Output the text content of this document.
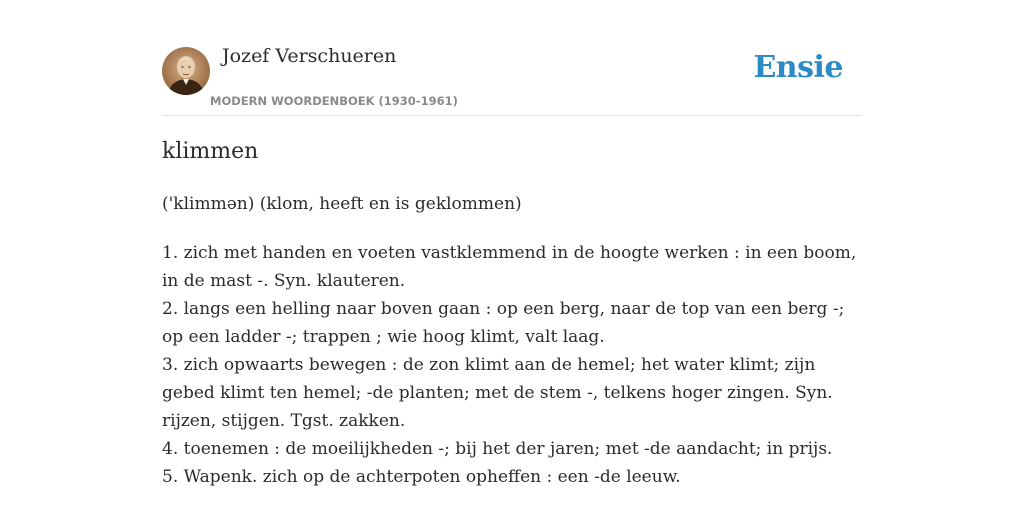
Jozef Verschueren
MODERN WOORDENBOEK (1930-1961)
Ensie
klimmen
('klimmən) (klom, heeft en is geklommen)

1. zich met handen en voeten vastklemmend in de hoogte werken : in een boom, in de mast -. Syn. klauteren.

2. langs een helling naar boven gaan : op een berg, naar de top van een berg -; op een ladder -; trappen ; wie hoog klimt, valt laag.

3. zich opwaarts bewegen : de zon klimt aan de hemel; het water klimt; zijn gebed klimt ten hemel; -de planten; met de stem -, telkens hoger zingen. Syn. rijzen, stijgen. Tgst. zakken.

4. toenemen : de moeilijkheden -; bij het der jaren; met -de aandacht; in prijs.

5. Wapenk. zich op de achterpoten opheffen : een -de leeuw.
